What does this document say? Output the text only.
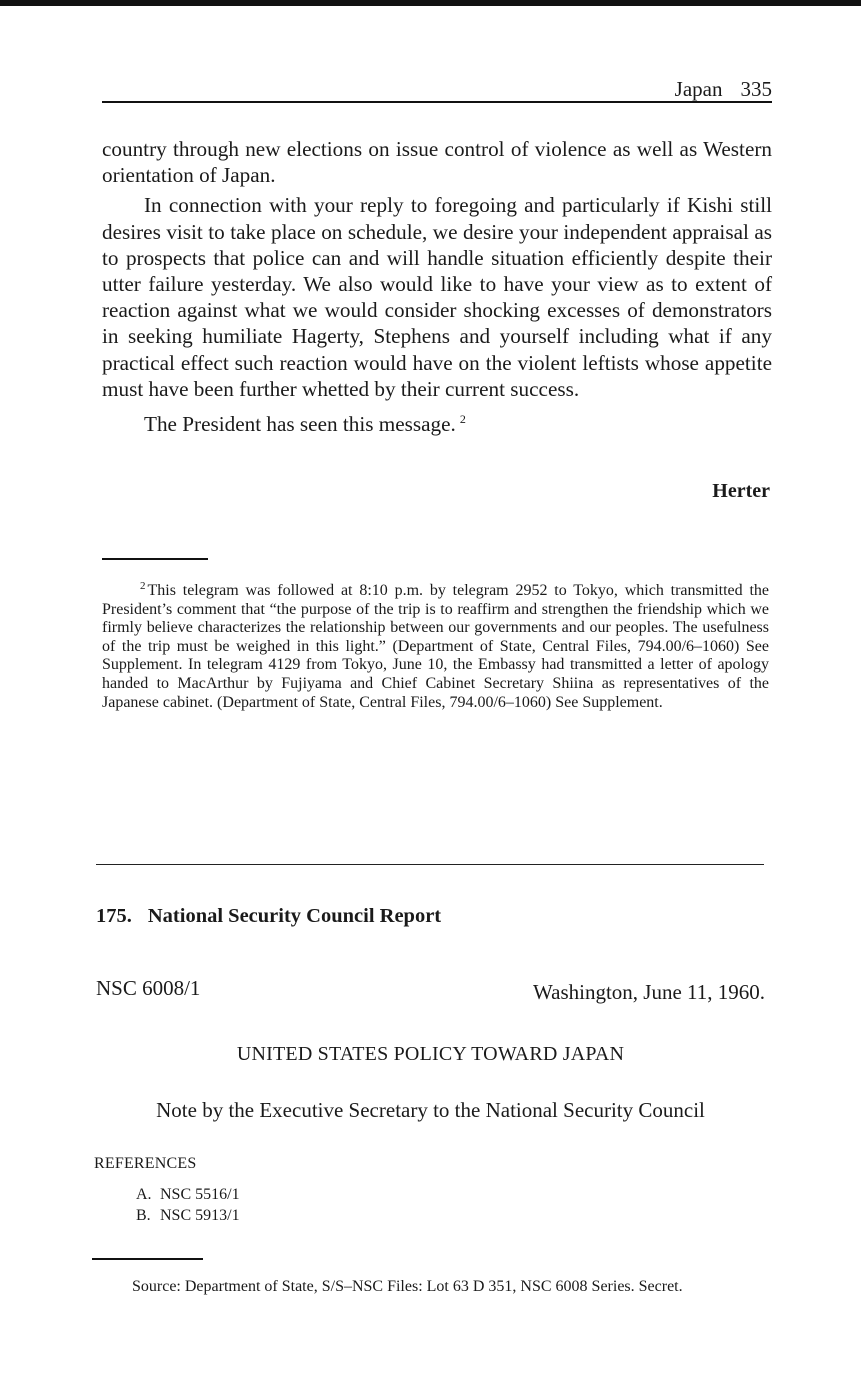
Japan 335

country through new elections on issue control of violence as well as Western orientation of Japan.

In connection with your reply to foregoing and particularly if Kishi still desires visit to take place on schedule, we desire your independent appraisal as to prospects that police can and will handle situation efficiently despite their utter failure yesterday. We also would like to have your view as to extent of reaction against what we would consider shocking excesses of demonstrators in seeking humiliate Hagerty, Stephens and yourself including what if any practical effect such reaction would have on the violent leftists whose appetite must have been further whetted by their current success.

The President has seen this message. $^2$

Herter
$^2$ This telegram was followed at 8:10 p.m. by telegram 2952 to Tokyo, which transmitted the President’s comment that “the purpose of the trip is to reaffirm and strengthen the friendship which we firmly believe characterizes the relationship between our governments and our peoples. The usefulness of the trip must be weighed in this light.” (Department of State, Central Files, 794.00/6–1060) See Supplement. In telegram 4129 from Tokyo, June 10, the Embassy had transmitted a letter of apology handed to MacArthur by Fujiyama and Chief Cabinet Secretary Shiina as representatives of the Japanese cabinet. (Department of State, Central Files, 794.00/6–1060) See Supplement.
175. National Security Council Report
NSC 6008/1	Washington, June 11, 1960.
UNITED STATES POLICY TOWARD JAPAN
Note by the Executive Secretary to the National Security Council
REFERENCES
A. NSC 5516/1
B. NSC 5913/1
Source: Department of State, S/S–NSC Files: Lot 63 D 351, NSC 6008 Series. Secret.
